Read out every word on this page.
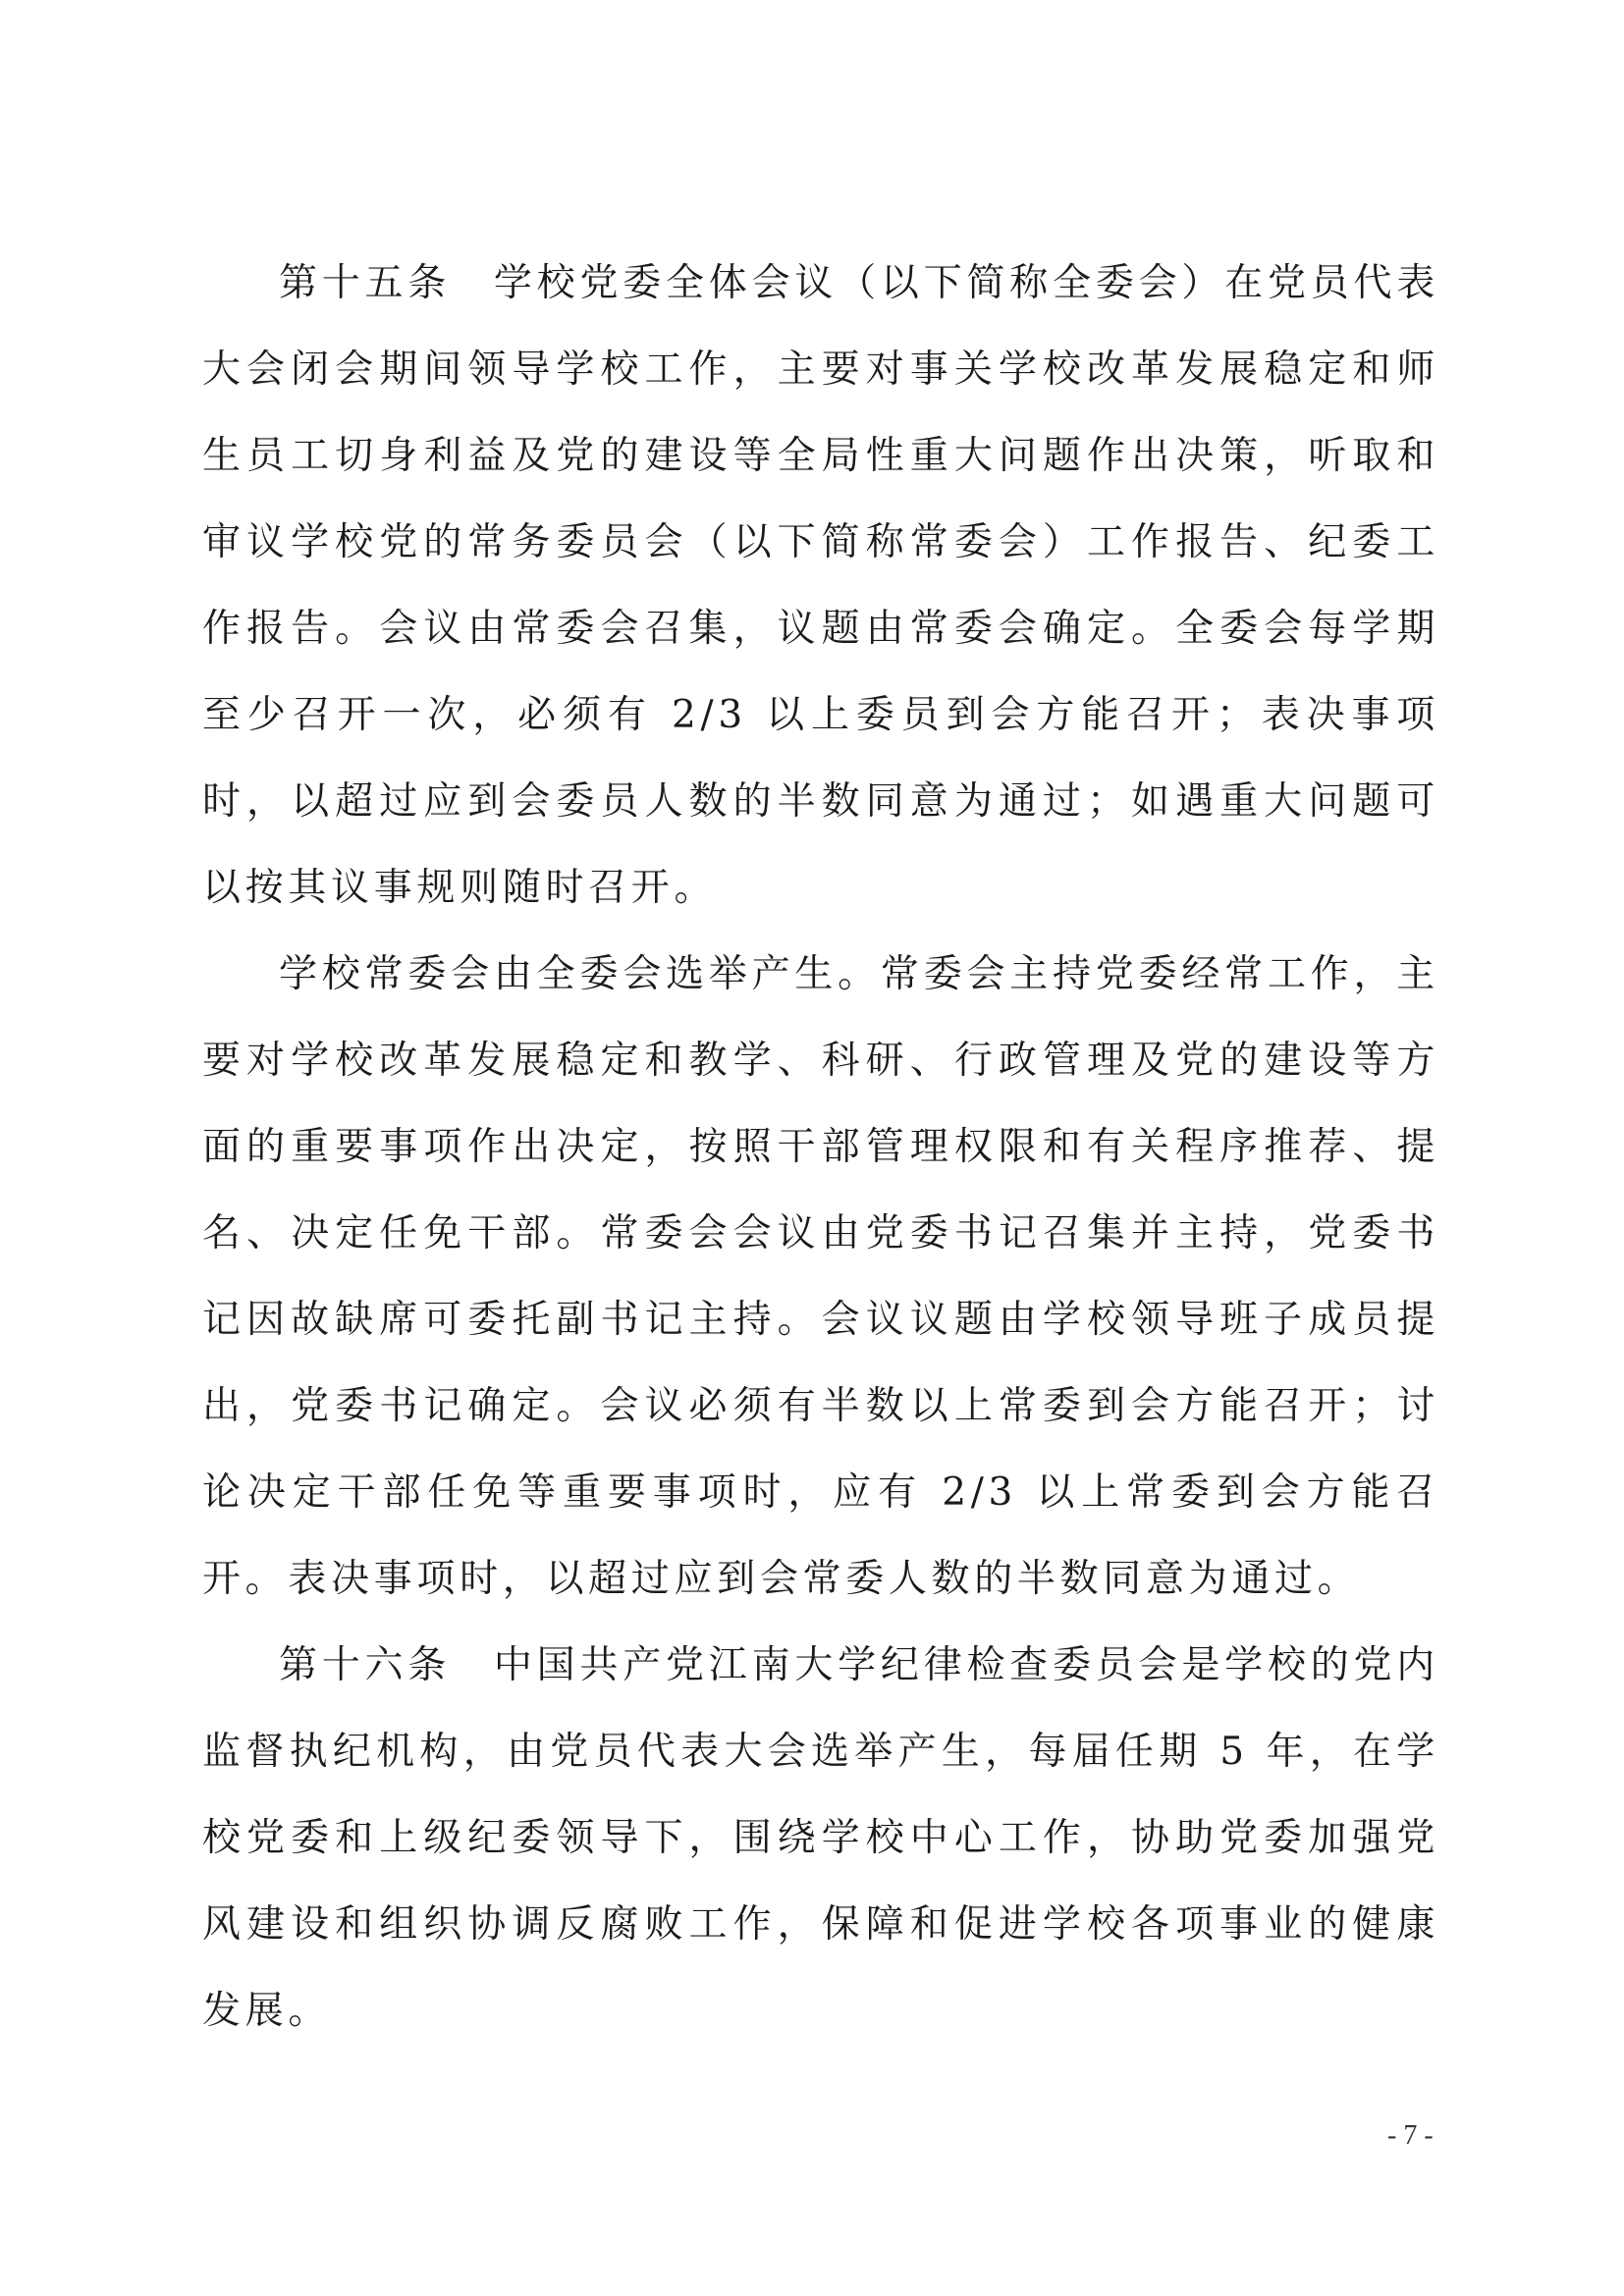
第十五条　学校党委全体会议（以下简称全委会）在党员代表大会闭会期间领导学校工作，主要对事关学校改革发展稳定和师生员工切身利益及党的建设等全局性重大问题作出决策，听取和审议学校党的常务委员会（以下简称常委会）工作报告、纪委工作报告。会议由常委会召集，议题由常委会确定。全委会每学期至少召开一次，必须有 2/3 以上委员到会方能召开；表决事项时，以超过应到会委员人数的半数同意为通过；如遇重大问题可以按其议事规则随时召开。

学校常委会由全委会选举产生。常委会主持党委经常工作，主要对学校改革发展稳定和教学、科研、行政管理及党的建设等方面的重要事项作出决定，按照干部管理权限和有关程序推荐、提名、决定任免干部。常委会会议由党委书记召集并主持，党委书记因故缺席可委托副书记主持。会议议题由学校领导班子成员提出，党委书记确定。会议必须有半数以上常委到会方能召开；讨论决定干部任免等重要事项时，应有 2/3 以上常委到会方能召开。表决事项时，以超过应到会常委人数的半数同意为通过。

第十六条　中国共产党江南大学纪律检查委员会是学校的党内监督执纪机构，由党员代表大会选举产生，每届任期 5 年，在学校党委和上级纪委领导下，围绕学校中心工作，协助党委加强党风建设和组织协调反腐败工作，保障和促进学校各项事业的健康发展。

- 7 -
